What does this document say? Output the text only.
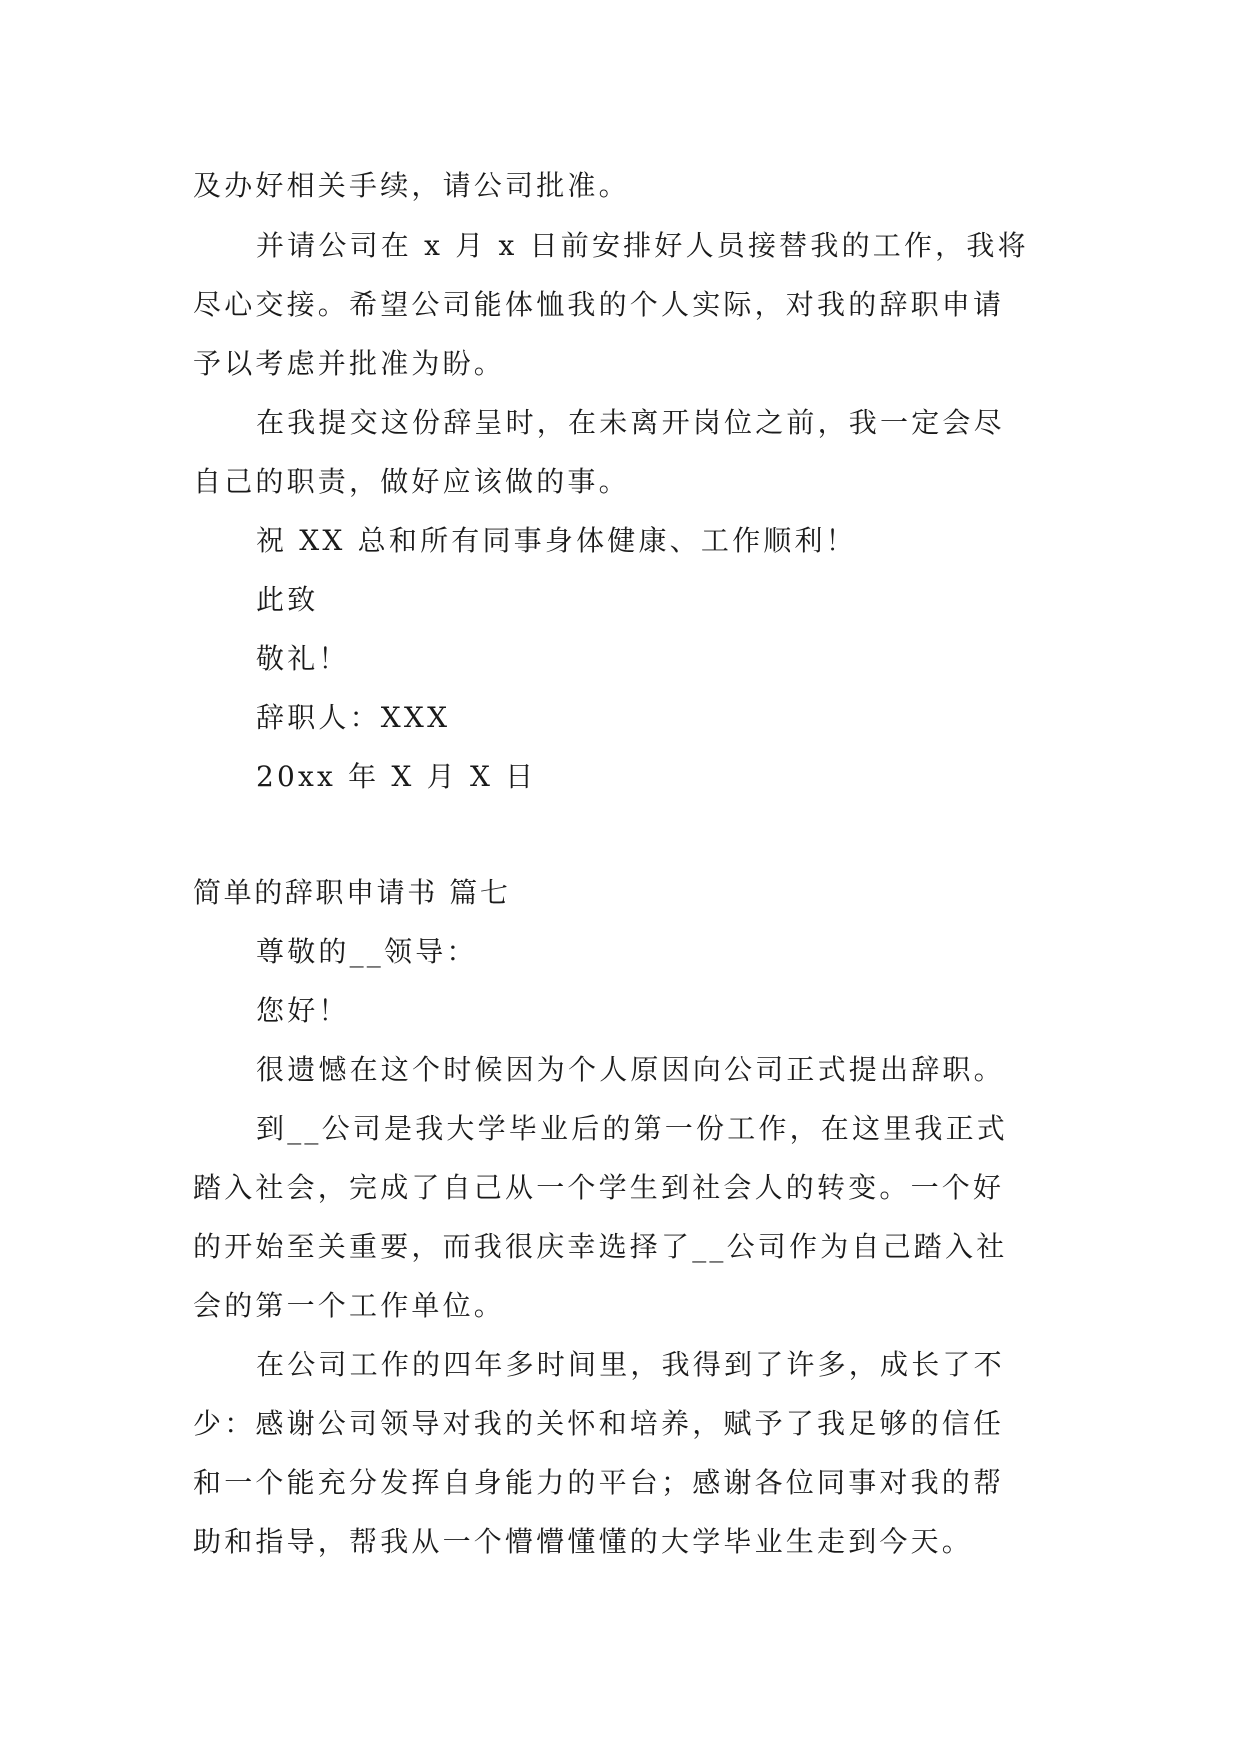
及办好相关手续，请公司批准。
并请公司在 x 月 x 日前安排好人员接替我的工作，我将
尽心交接。希望公司能体恤我的个人实际，对我的辞职申请
予以考虑并批准为盼。
在我提交这份辞呈时，在未离开岗位之前，我一定会尽
自己的职责，做好应该做的事。
祝 XX 总和所有同事身体健康、工作顺利！
此致
敬礼！
辞职人：XXX
20xx 年 X 月 X 日
简单的辞职申请书 篇七
尊敬的__领导：
您好！
很遗憾在这个时候因为个人原因向公司正式提出辞职。
到__公司是我大学毕业后的第一份工作，在这里我正式
踏入社会，完成了自己从一个学生到社会人的转变。一个好
的开始至关重要，而我很庆幸选择了__公司作为自己踏入社
会的第一个工作单位。
在公司工作的四年多时间里，我得到了许多，成长了不
少：感谢公司领导对我的关怀和培养，赋予了我足够的信任
和一个能充分发挥自身能力的平台；感谢各位同事对我的帮
助和指导，帮我从一个懵懵懂懂的大学毕业生走到今天。
